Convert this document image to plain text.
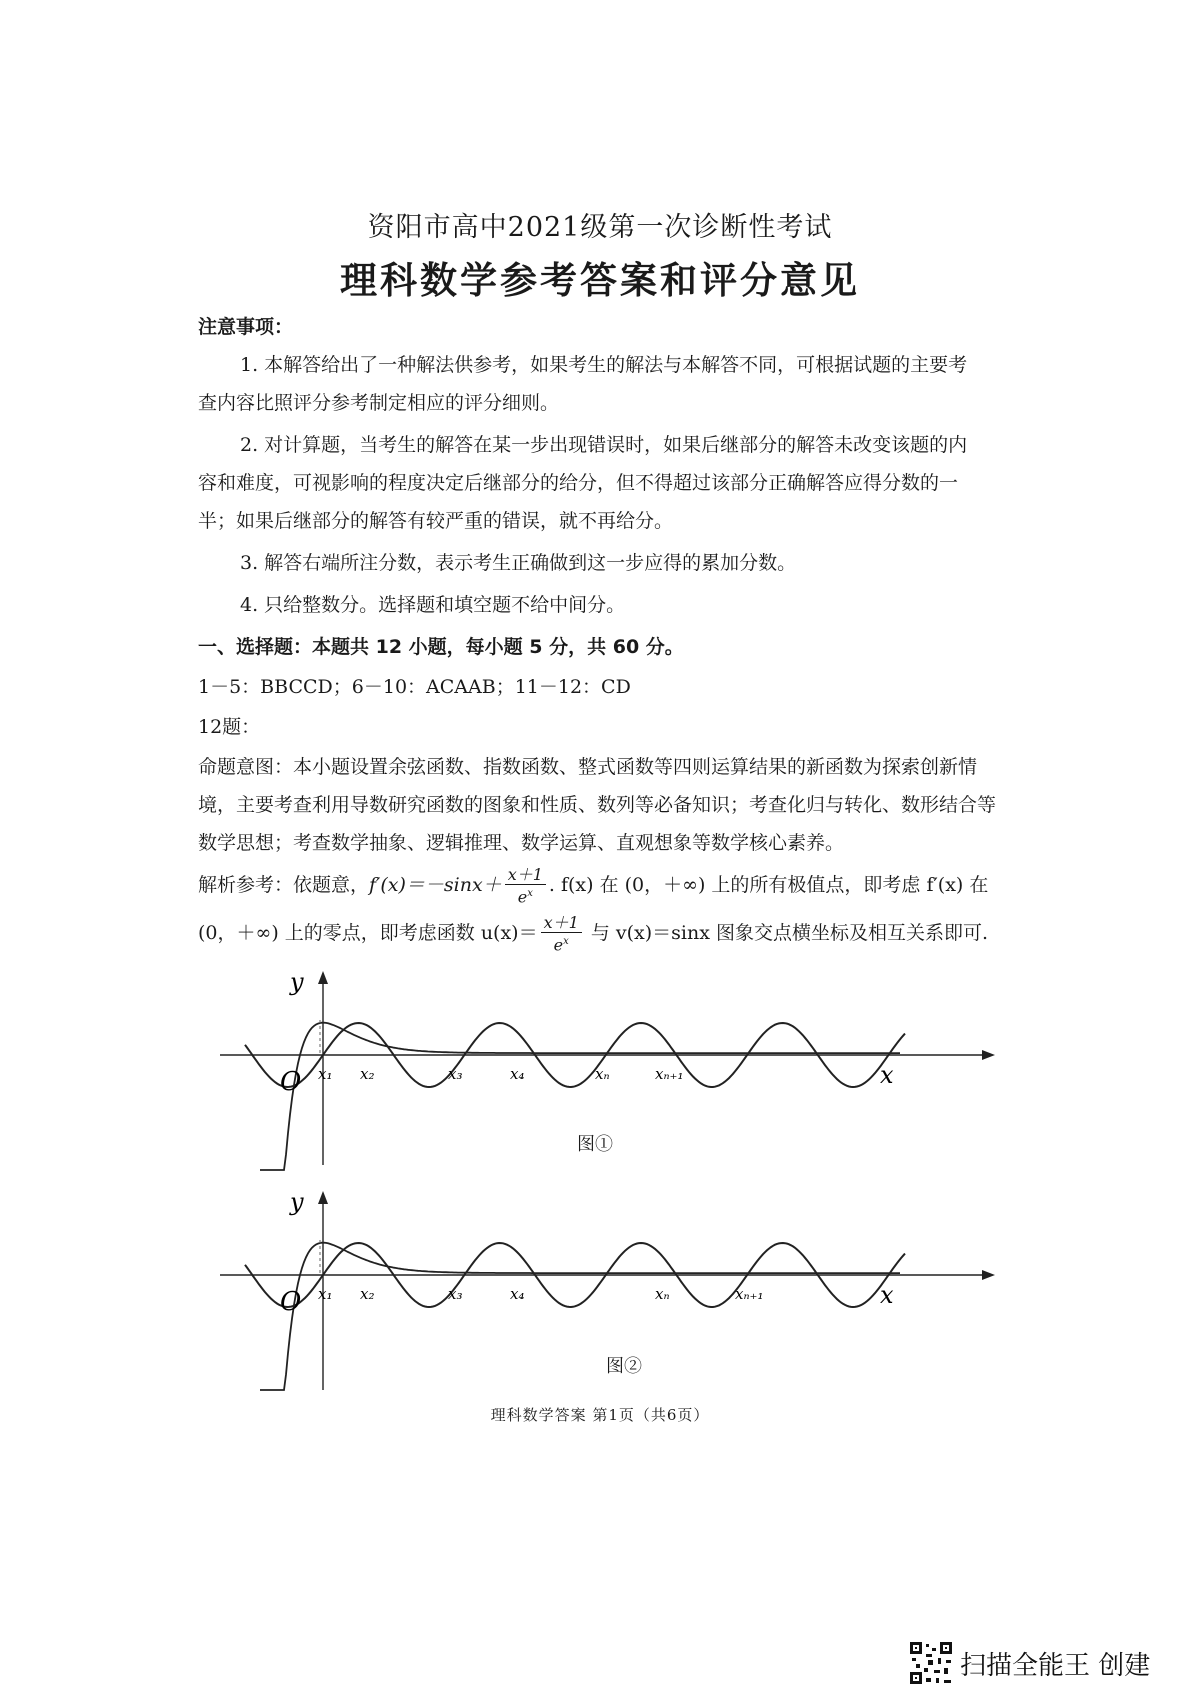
资阳市高中2021级第一次诊断性考试
理科数学参考答案和评分意见
注意事项：
1. 本解答给出了一种解法供参考，如果考生的解法与本解答不同，可根据试题的主要考
查内容比照评分参考制定相应的评分细则。
2. 对计算题，当考生的解答在某一步出现错误时，如果后继部分的解答未改变该题的内
容和难度，可视影响的程度决定后继部分的给分，但不得超过该部分正确解答应得分数的一
半；如果后继部分的解答有较严重的错误，就不再给分。
3. 解答右端所注分数，表示考生正确做到这一步应得的累加分数。
4. 只给整数分。选择题和填空题不给中间分。
一、选择题：本题共 12 小题，每小题 5 分，共 60 分。
1－5：BBCCD；6－10：ACAAB；11－12：CD
12题：
命题意图：本小题设置余弦函数、指数函数、整式函数等四则运算结果的新函数为探索创新情
境，主要考查利用导数研究函数的图象和性质、数列等必备知识；考查化归与转化、数形结合等
数学思想；考查数学抽象、逻辑推理、数学运算、直观想象等数学核心素养。
解析参考：依题意，$f'(x)=-\sin x+ \frac{x+1}{e^x}$ . f(x) 在 (0，＋∞) 上的所有极值点，即考虑 f′(x) 在
(0，＋∞) 上的零点，即考虑函数 $u(x)= \frac{x+1}{e^x}$ 与 v(x)＝sinx 图象交点横坐标及相互关系即可.
y
x
O x₁ x₂	x₃	x₄	xₙ	xₙ₊₁
图①
y
x
O x₁ x₂	x₃	x₄	xₙ	xₙ₊₁
图②
理科数学答案 第1页（共6页）
扫描全能王 创建
